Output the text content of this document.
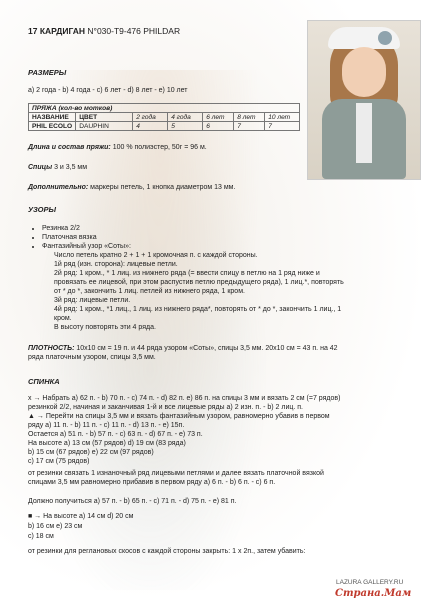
17 КАРДИГАН N°030-T9-476 PHILDAR
РАЗМЕРЫ
a) 2 года - b) 4 года - c) 6 лет - d) 8 лет - e) 10 лет
ПРЯЖА (кол-во мотков)						
НАЗВАНИЕ	ЦВЕТ	2 года	4 года	6 лет	8 лет	10 лет
PHIL ECOLO	DAUPHIN	4	5	6	7	7
Длина и состав пряжи: 100 % полиэстер, 50г = 96 м.
Спицы 3 и 3,5 мм
Дополнительно: маркеры петель, 1 кнопка диаметром 13 мм.
УЗОРЫ
• Резинка 2/2
• Платочная вязка
• Фантазийный узор «Соты»:
Число петель кратно 2 + 1 + 1 кромочная п. с каждой стороны.
1й ряд (изн. сторона): лицевые петли.
2й ряд: 1 кром., * 1 лиц. из нижнего ряда (= ввести спицу в петлю на 1 ряд ниже и
провязать ее лицевой, при этом распустив петлю предыдущего ряда), 1 лиц.*, повторять
от * до *, закончить 1 лиц. петлей из нижнего ряда, 1 кром.
3й ряд: лицевые петли.
4й ряд: 1 кром., *1 лиц., 1 лиц. из нижнего ряда*, повторять от * до *, закончить 1 лиц., 1
кром.
В высоту повторять эти 4 ряда.
ПЛОТНОСТЬ: 10x10 см = 19 п. и 44 ряда узором «Соты», спицы 3,5 мм. 20x10 см = 43 п. на 42
ряда платочным узором, спицы 3,5 мм.
СПИНКА
x → Набрать a) 62 п. - b) 70 п. - c) 74 п. - d) 82 п. e) 86 п. на спицы 3 мм и вязать 2 см (=7 рядов)
резинкой 2/2, начиная и заканчивая 1-й и все лицевые ряды a) 2 изн. п. - b) 2 лиц. п.
▲ → Перейти на спицы 3,5 мм и вязать фантазийным узором, равномерно убавив в первом
ряду a) 11 п. - b) 11 п. - c) 11 п. - d) 13 п. - e) 15п.
Остается a) 51 п. - b) 57 п. - c) 63 п. - d) 67 п. - e) 73 п.
На высоте a) 13 см (57 рядов) d) 19 см (83 ряда)
b) 15 см (67 рядов) e) 22 см (97 рядов)
c) 17 см (75 рядов)
от резинки связать 1 изнаночный ряд лицевыми петлями и далее вязать платочной вязкой
спицами 3,5 мм равномерно прибавив в первом ряду a) 6 п. - b) 6 п. - c) 6 п.
Должно получиться a) 57 п. - b) 65 п. - c) 71 п. - d) 75 п. - e) 81 п.
■ → На высоте a) 14 см d) 20 см
b) 16 см e) 23 см
c) 18 см
от резинки для реглановых скосов с каждой стороны закрыть: 1 х 2п., затем убавить:
LAZURA GALLERY.RU
Страна.Мам
